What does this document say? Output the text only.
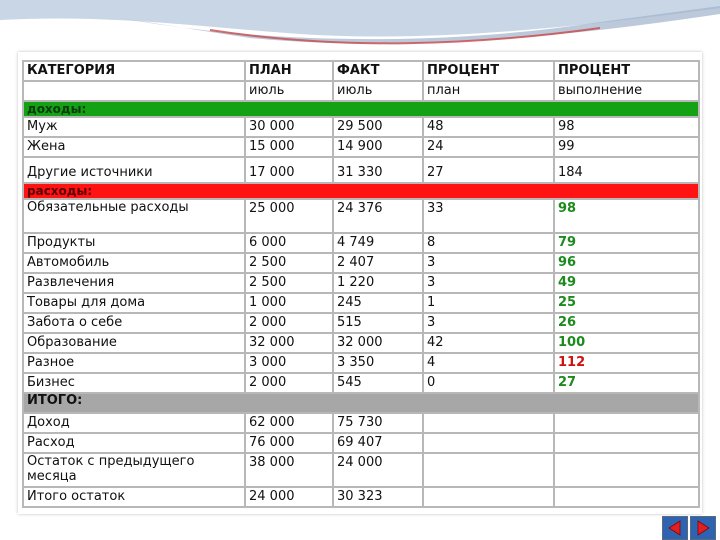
КАТЕГОРИЯ	ПЛАН	ФАКТ	ПРОЦЕНТ	ПРОЦЕНТ
	июль	июль	план	выполнение
доходы:				
Муж	30 000	29 500	48	98
Жена	15 000	14 900	24	99
Другие источники	17 000	31 330	27	184
расходы:				
Обязательные расходы	25 000	24 376	33	98
Продукты	6 000	4 749	8	79
Автомобиль	2 500	2 407	3	96
Развлечения	2 500	1 220	3	49
Товары для дома	1 000	245	1	25
Забота о себе	2 000	515	3	26
Образование	32 000	32 000	42	100
Разное	3 000	3 350	4	112
Бизнес	2 000	545	0	27
ИТОГО:				
Доход	62 000	75 730		
Расход	76 000	69 407		
Остаток с предыдущего месяца	38 000	24 000		
Итого остаток	24 000	30 323		
